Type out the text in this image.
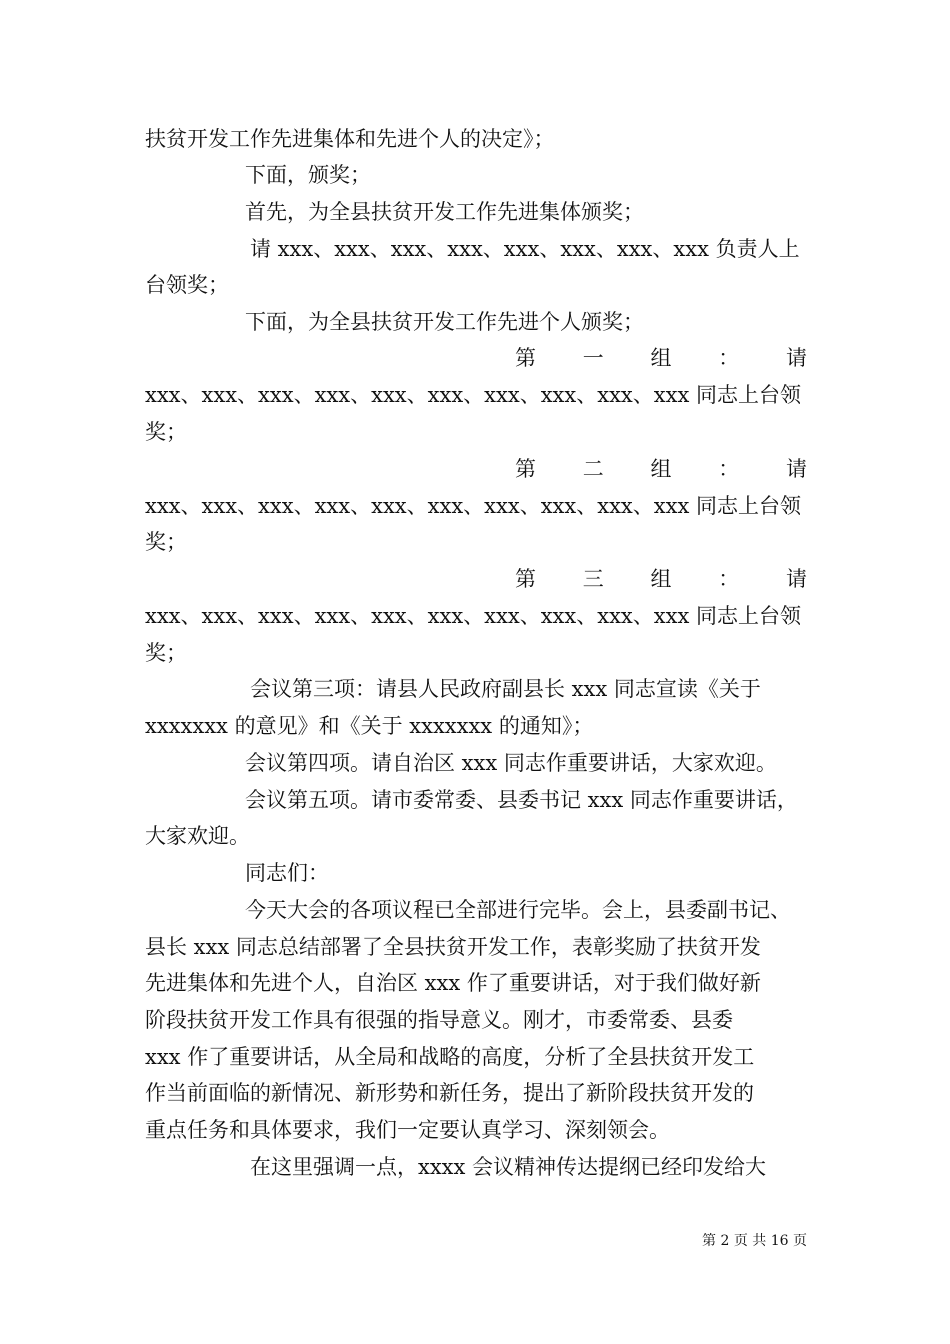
扶贫开发工作先进集体和先进个人的决定》；
下面，颁奖；
首先，为全县扶贫开发工作先进集体颁奖；
请 xxx、xxx、xxx、xxx、xxx、xxx、xxx、xxx 负责人上
台领奖；
下面，为全县扶贫开发工作先进个人颁奖；
第 一 组 ： 请
xxx、xxx、xxx、xxx、xxx、xxx、xxx、xxx、xxx、xxx 同志上台领
奖；
第 二 组 ： 请
xxx、xxx、xxx、xxx、xxx、xxx、xxx、xxx、xxx、xxx 同志上台领
奖；
第 三 组 ： 请
xxx、xxx、xxx、xxx、xxx、xxx、xxx、xxx、xxx、xxx 同志上台领
奖；
会议第三项：请县人民政府副县长 xxx 同志宣读《关于
xxxxxxx 的意见》和《关于 xxxxxxx 的通知》；
会议第四项。请自治区 xxx 同志作重要讲话，大家欢迎。
会议第五项。请市委常委、县委书记 xxx 同志作重要讲话，
大家欢迎。
同志们：
今天大会的各项议程已全部进行完毕。会上，县委副书记、
县长 xxx 同志总结部署了全县扶贫开发工作，表彰奖励了扶贫开发
先进集体和先进个人，自治区 xxx 作了重要讲话，对于我们做好新
阶段扶贫开发工作具有很强的指导意义。刚才，市委常委、县委
xxx 作了重要讲话，从全局和战略的高度，分析了全县扶贫开发工
作当前面临的新情况、新形势和新任务，提出了新阶段扶贫开发的
重点任务和具体要求，我们一定要认真学习、深刻领会。
在这里强调一点，xxxx 会议精神传达提纲已经印发给大
第 2 页 共 16 页
